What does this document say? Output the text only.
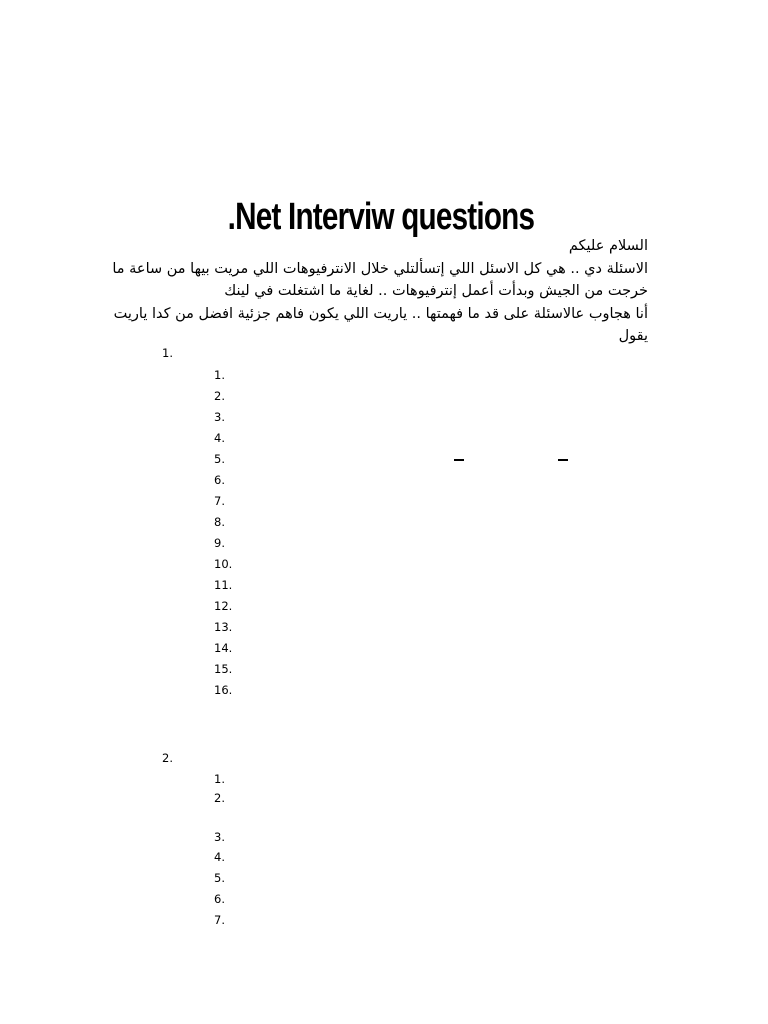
.Net Interviw questions

السلام عليكم

الاسئلة دي .. هي كل الاسئل اللي إتسألتلي خلال الانترفيوهات اللي مريت بيها من ساعة ما

خرجت من الجيش وبدأت أعمل إنترفيوهات .. لغاية ما اشتغلت في لينك

أنا هجاوب عالاسئلة على قد ما فهمتها .. ياريت اللي يكون فاهم جزئية افضل من كدا ياريت

يقول

1.
1.
2.
3.
4.
5.
6.
7.
8.
9.
10.
11.
12.
13.
14.
15.
16.
2.
1.
2.
3.
4.
5.
6.
7.
